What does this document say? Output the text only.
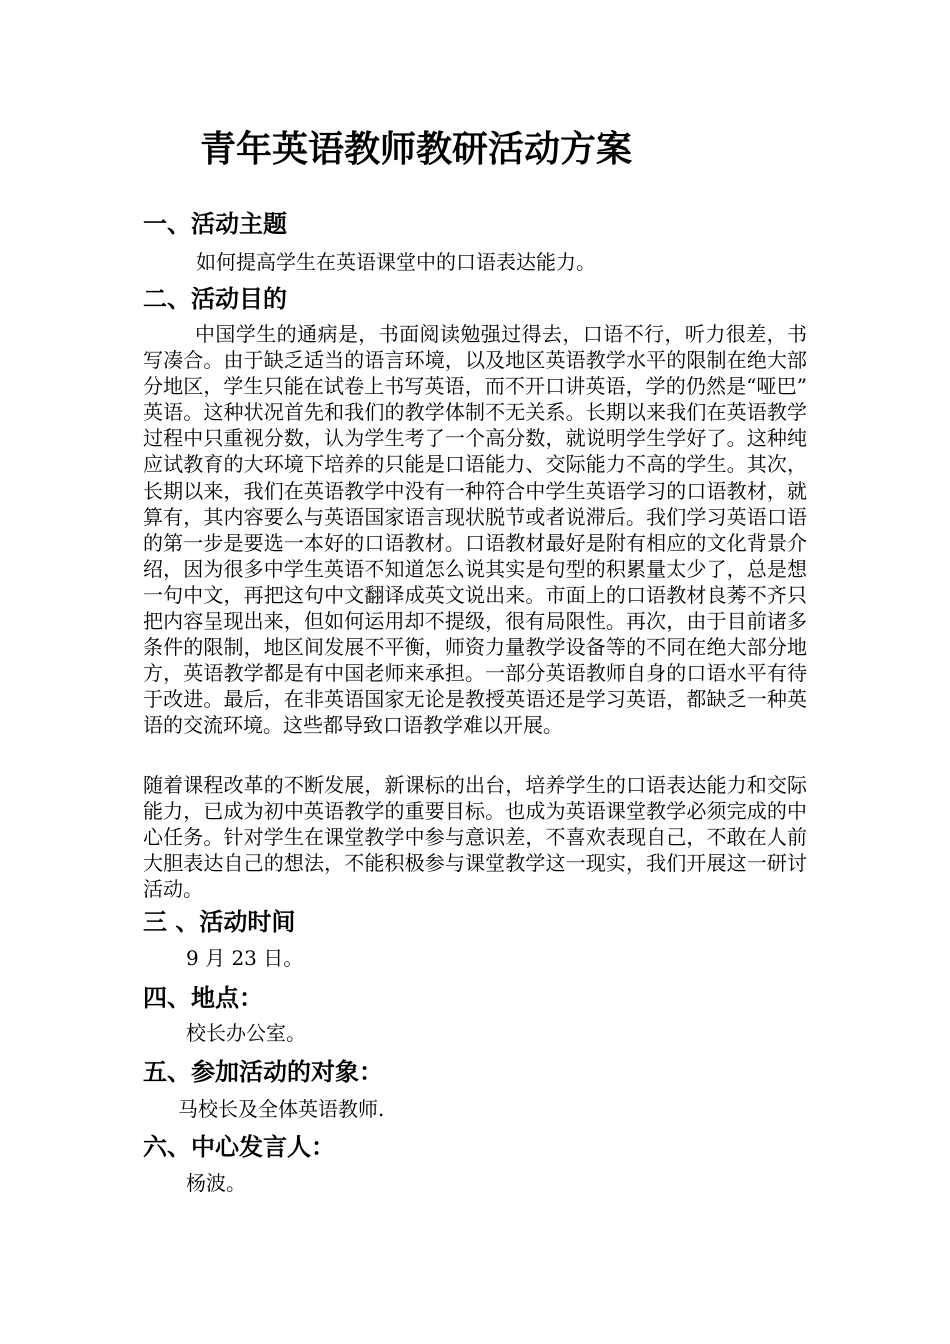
青年英语教师教研活动方案
一、活动主题

如何提高学生在英语课堂中的口语表达能力。

二、活动目的

中国学生的通病是，书面阅读勉强过得去，口语不行，听力很差，书写凑合。由于缺乏适当的语言环境，以及地区英语教学水平的限制在绝大部分地区，学生只能在试卷上书写英语，而不开口讲英语，学的仍然是“哑巴”英语。这种状况首先和我们的教学体制不无关系。长期以来我们在英语教学过程中只重视分数，认为学生考了一个高分数，就说明学生学好了。这种纯应试教育的大环境下培养的只能是口语能力、交际能力不高的学生。其次，长期以来，我们在英语教学中没有一种符合中学生英语学习的口语教材，就算有，其内容要么与英语国家语言现状脱节或者说滞后。我们学习英语口语的第一步是要选一本好的口语教材。口语教材最好是附有相应的文化背景介绍，因为很多中学生英语不知道怎么说其实是句型的积累量太少了，总是想一句中文，再把这句中文翻译成英文说出来。市面上的口语教材良莠不齐只把内容呈现出来，但如何运用却不提级，很有局限性。再次，由于目前诸多条件的限制，地区间发展不平衡，师资力量教学设备等的不同在绝大部分地方，英语教学都是有中国老师来承担。一部分英语教师自身的口语水平有待于改进。最后，在非英语国家无论是教授英语还是学习英语，都缺乏一种英语的交流环境。这些都导致口语教学难以开展。

随着课程改革的不断发展，新课标的出台，培养学生的口语表达能力和交际能力，已成为初中英语教学的重要目标。也成为英语课堂教学必须完成的中心任务。针对学生在课堂教学中参与意识差，不喜欢表现自己，不敢在人前大胆表达自己的想法，不能积极参与课堂教学这一现实，我们开展这一研讨活动。

三 、活动时间

9 月 23 日。

四、地点：

校长办公室。

五、参加活动的对象：

马校长及全体英语教师.

六、中心发言人：

杨波。
